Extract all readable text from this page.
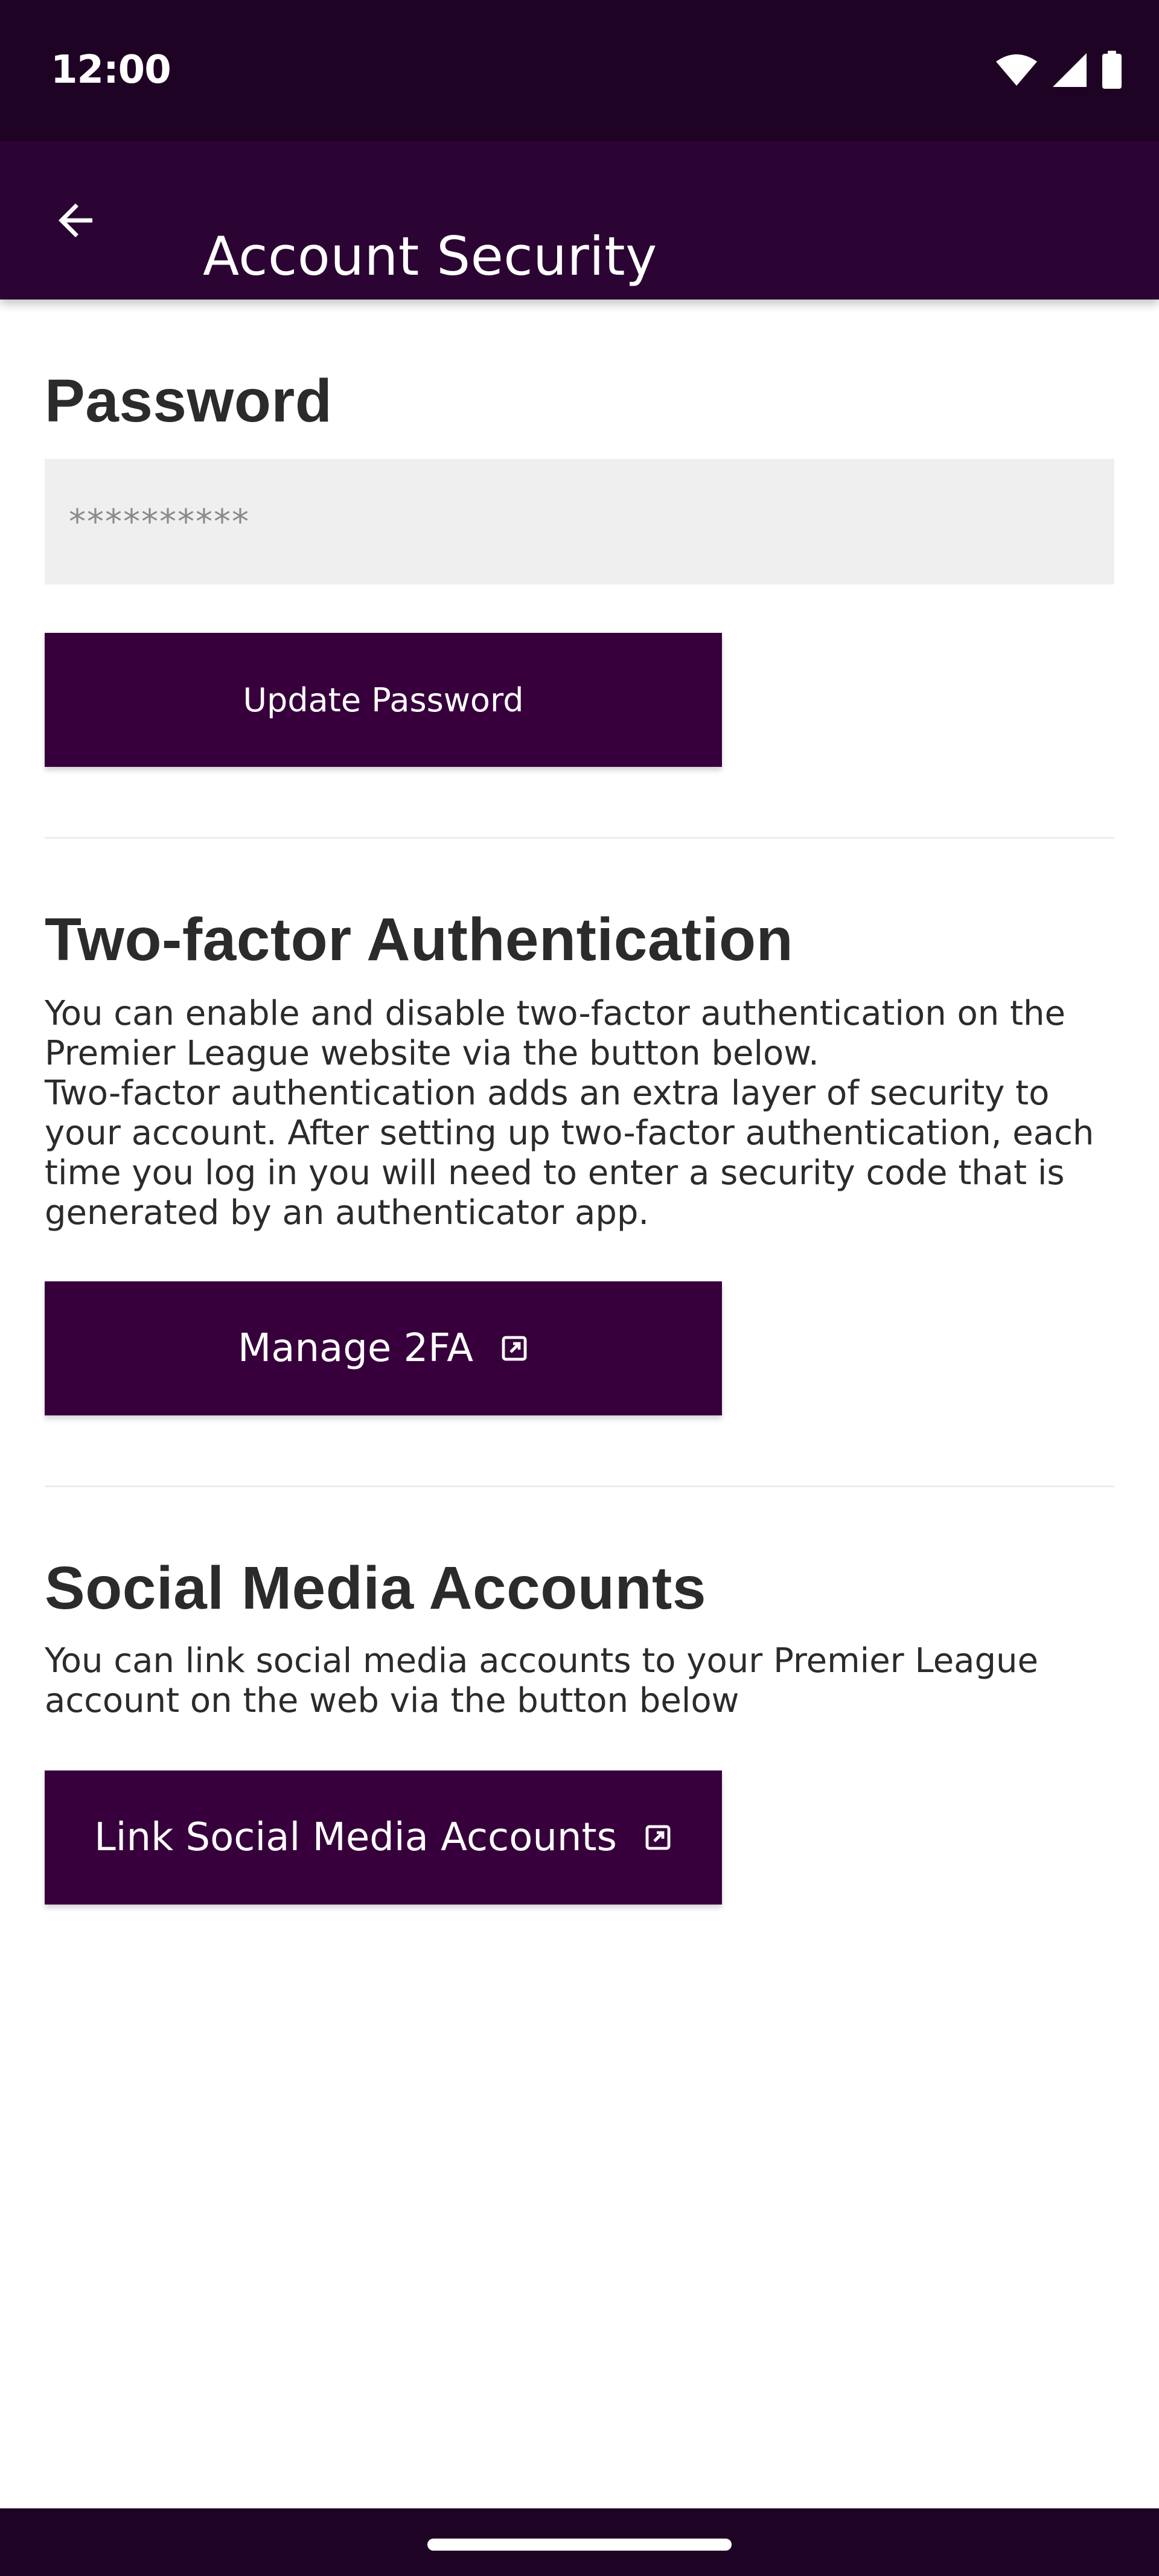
12:00
Account Security
Password
**********
Update Password
Two-factor Authentication

You can enable and disable two-factor authentication on the Premier League website via the button below.

Two-factor authentication adds an extra layer of security to your account. After setting up two-factor authentication, each time you log in you will need to enter a security code that is generated by an authenticator app.

Manage 2FA
Social Media Accounts

You can link social media accounts to your Premier League account on the web via the button below

Link Social Media Accounts
